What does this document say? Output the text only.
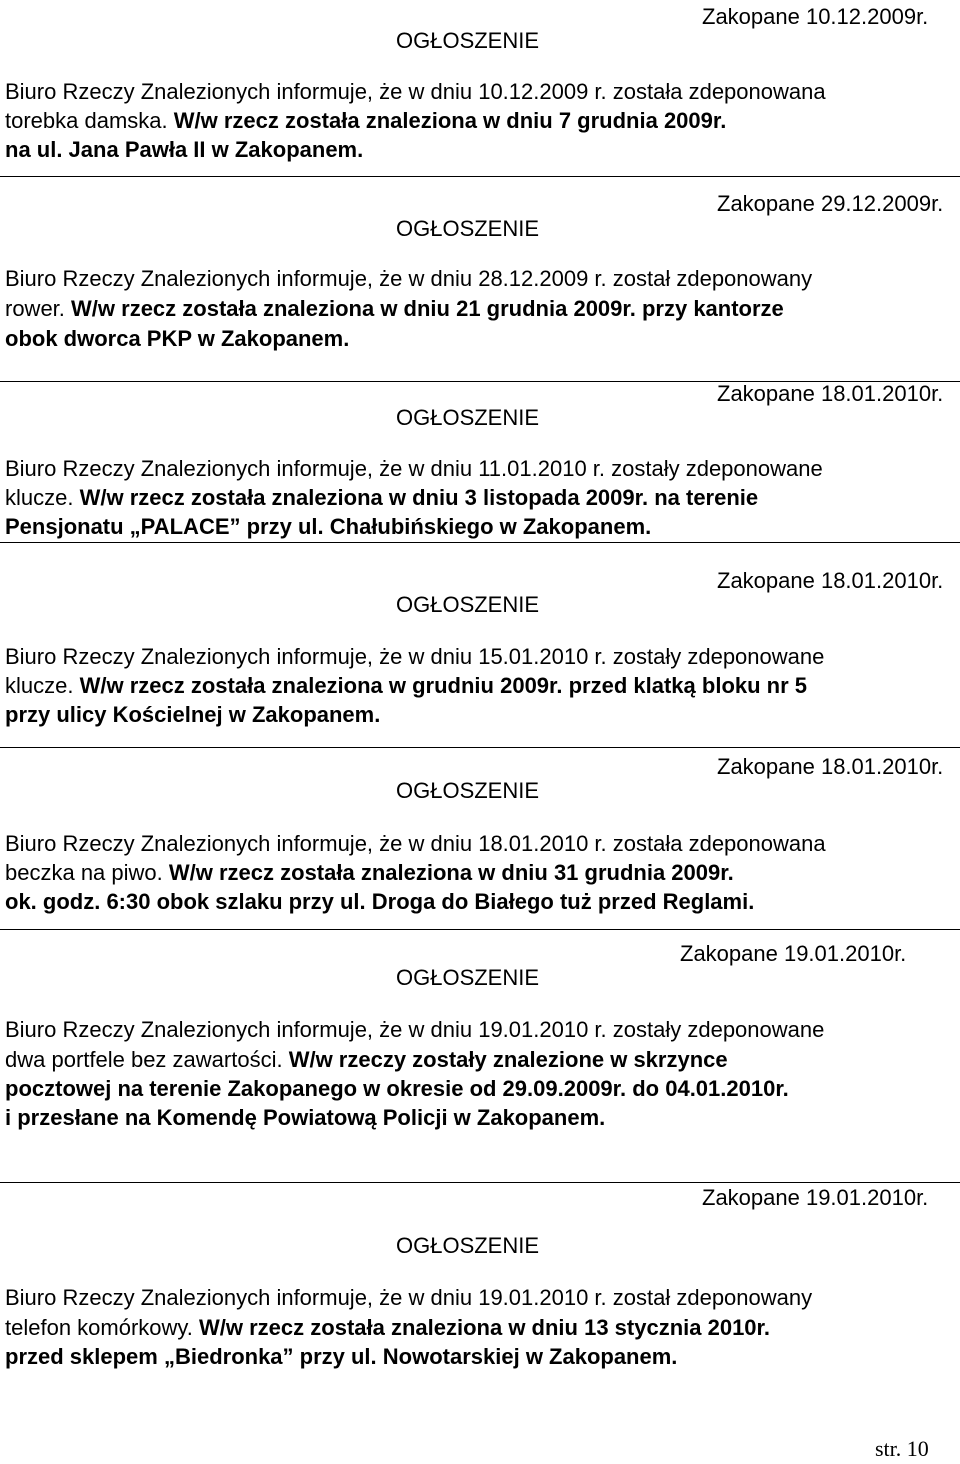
Zakopane 10.12.2009r.
OGŁOSZENIE
Biuro Rzeczy Znalezionych informuje, że w dniu 10.12.2009 r. została zdeponowana
torebka damska. W/w rzecz została znaleziona w dniu 7 grudnia 2009r.
na ul. Jana Pawła II w Zakopanem.
Zakopane 29.12.2009r.
OGŁOSZENIE
Biuro Rzeczy Znalezionych informuje, że w dniu 28.12.2009 r. został zdeponowany
rower. W/w rzecz została znaleziona w dniu 21 grudnia 2009r. przy kantorze
obok dworca PKP w Zakopanem.
Zakopane 18.01.2010r.
OGŁOSZENIE
Biuro Rzeczy Znalezionych informuje, że w dniu 11.01.2010 r. zostały zdeponowane
klucze. W/w rzecz została znaleziona w dniu 3 listopada 2009r. na terenie
Pensjonatu „PALACE” przy ul. Chałubińskiego w Zakopanem.
Zakopane 18.01.2010r.
OGŁOSZENIE
Biuro Rzeczy Znalezionych informuje, że w dniu 15.01.2010 r. zostały zdeponowane
klucze. W/w rzecz została znaleziona w grudniu 2009r. przed klatką bloku nr 5
przy ulicy Kościelnej w Zakopanem.
Zakopane 18.01.2010r.
OGŁOSZENIE
Biuro Rzeczy Znalezionych informuje, że w dniu 18.01.2010 r. została zdeponowana
beczka na piwo. W/w rzecz została znaleziona w dniu 31 grudnia 2009r.
ok. godz. 6:30 obok szlaku przy ul. Droga do Białego tuż przed Reglami.
Zakopane 19.01.2010r.
OGŁOSZENIE
Biuro Rzeczy Znalezionych informuje, że w dniu 19.01.2010 r. zostały zdeponowane
dwa portfele bez zawartości. W/w rzeczy zostały znalezione w skrzynce
pocztowej na terenie Zakopanego w okresie od 29.09.2009r. do 04.01.2010r.
i przesłane na Komendę Powiatową Policji w Zakopanem.
Zakopane 19.01.2010r.
OGŁOSZENIE
Biuro Rzeczy Znalezionych informuje, że w dniu 19.01.2010 r. został zdeponowany
telefon komórkowy. W/w rzecz została znaleziona w dniu 13 stycznia 2010r.
przed sklepem „Biedronka” przy ul. Nowotarskiej w Zakopanem.
str. 10
